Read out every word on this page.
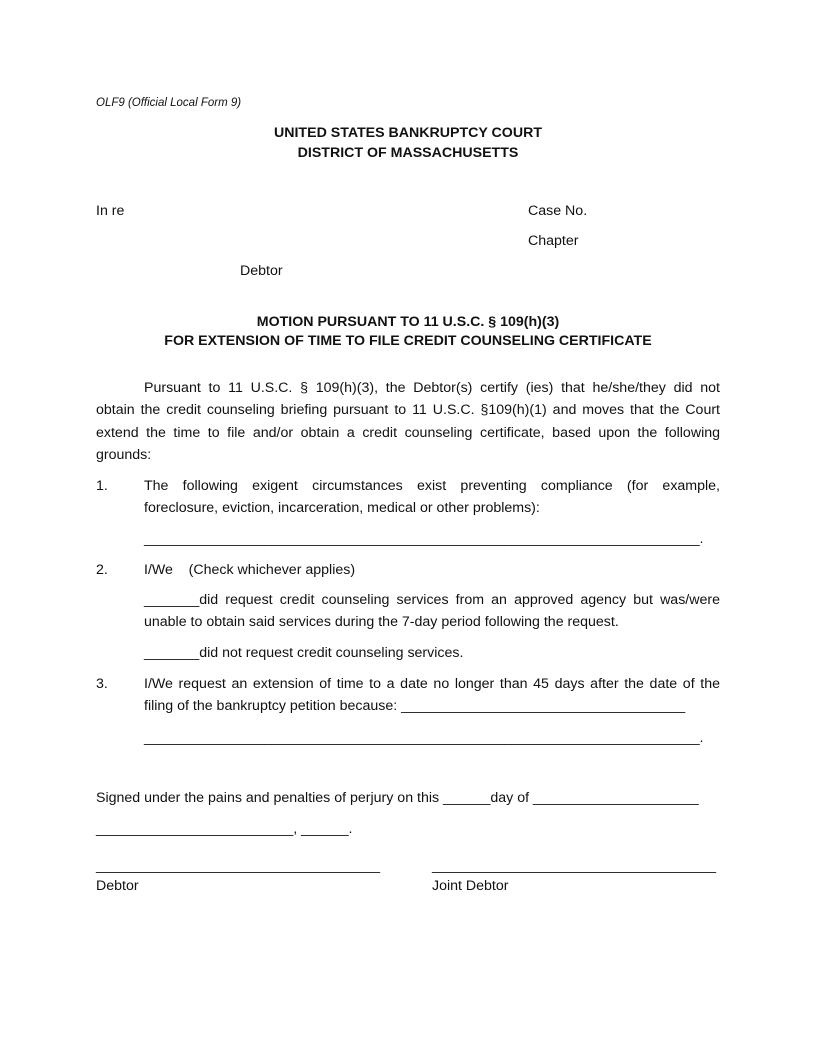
OLF9 (Official Local Form 9)
UNITED STATES BANKRUPTCY COURT
DISTRICT OF MASSACHUSETTS
In re	Case No.
Chapter
Debtor
MOTION PURSUANT TO 11 U.S.C. § 109(h)(3)
FOR EXTENSION OF TIME TO FILE CREDIT COUNSELING CERTIFICATE
Pursuant to 11 U.S.C. § 109(h)(3), the Debtor(s) certify (ies) that he/she/they did not
obtain the credit counseling briefing pursuant to 11 U.S.C. §109(h)(1) and moves that the Court
extend the time to file and/or obtain a credit counseling certificate, based upon the following
grounds:
1.	The following exigent circumstances exist preventing compliance (for example,
foreclosure, eviction, incarceration, medical or other problems):
__________________________________________________________________________.
2.	I/We    (Check whichever applies)
_______did request credit counseling services from an approved agency but was/were
unable to obtain said services during the 7-day period following the request.
_______did not request credit counseling services.
3.	I/We request an extension of time to a date no longer than 45 days after the date of the
filing of the bankruptcy petition because: ____________________________________
__________________________________________________________________________.
Signed under the pains and penalties of perjury on this ______day of _____________________
_________________________, ______.
____________________________________	____________________________________
Debtor	Joint Debtor
